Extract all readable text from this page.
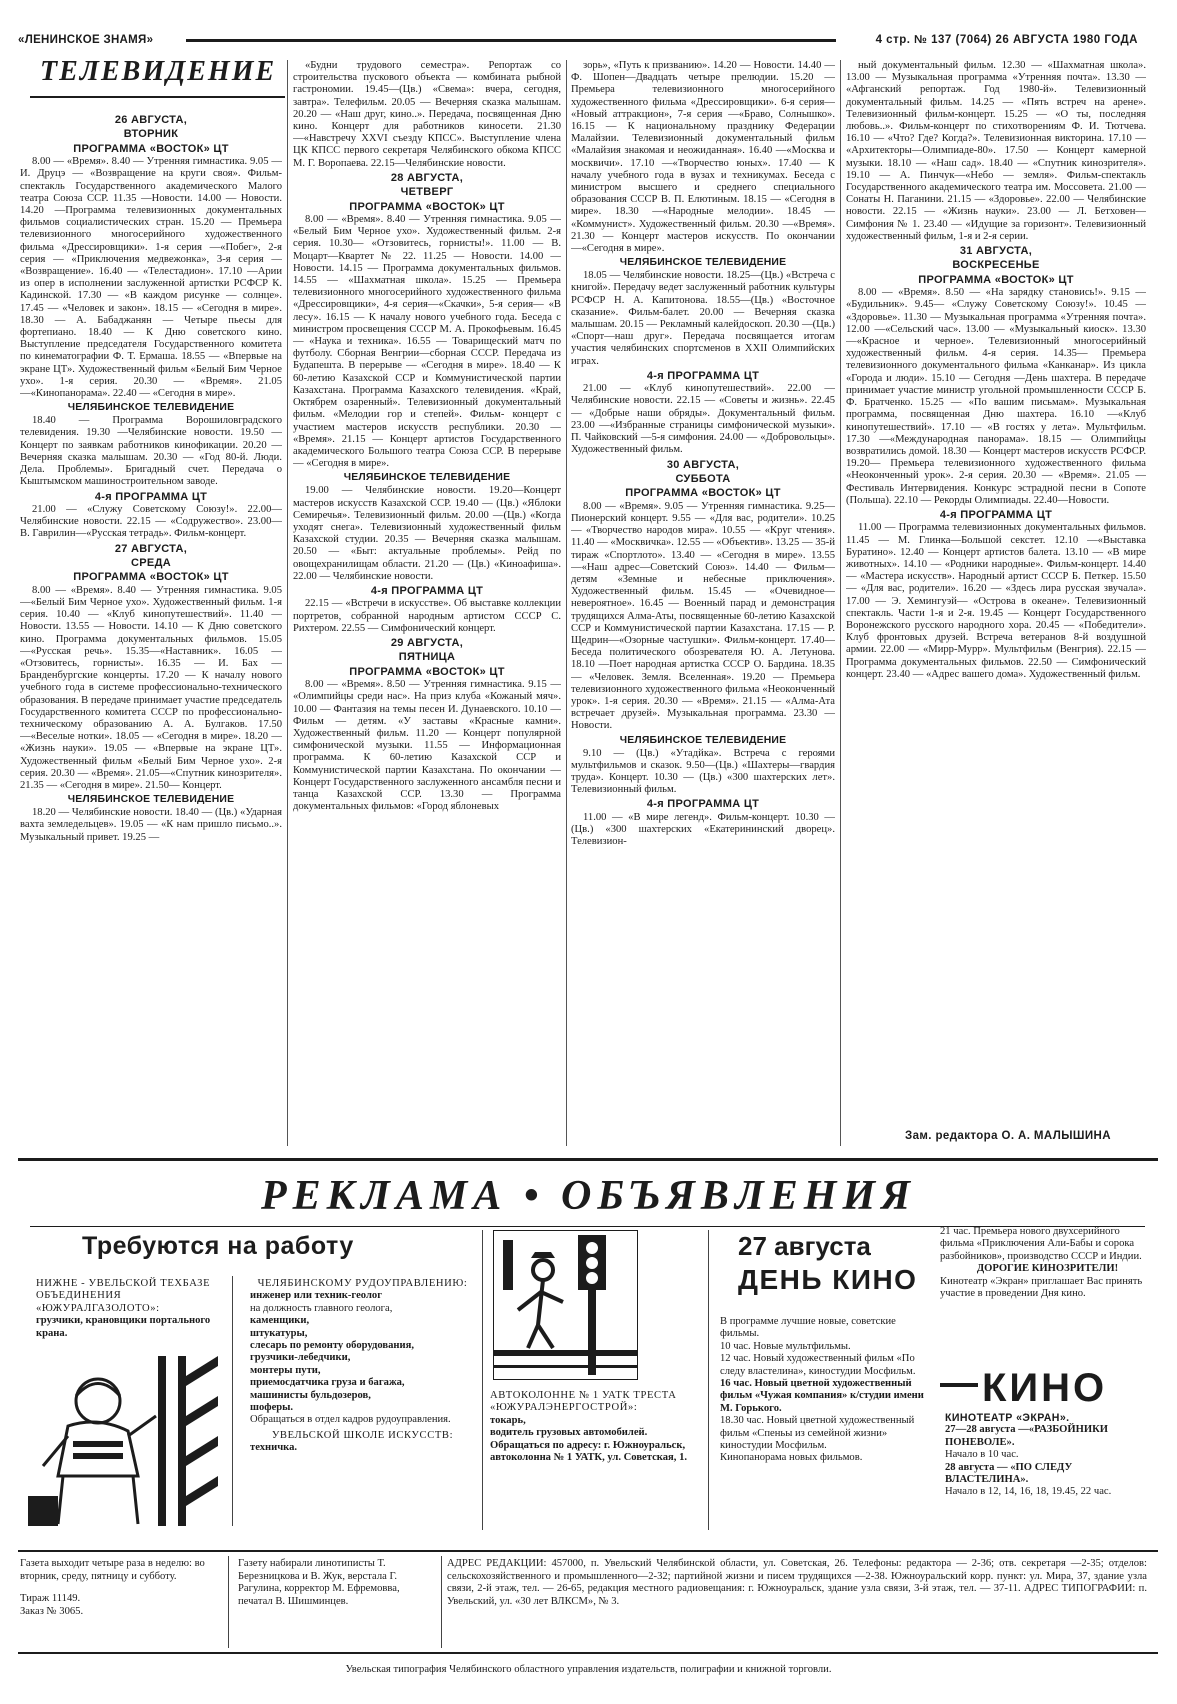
«ЛЕНИНСКОЕ ЗНАМЯ»	4 стр. № 137 (7064) 26 АВГУСТА 1980 ГОДА
ТЕЛЕВИДЕНИЕ
26 АВГУСТА,
ВТОРНИК
ПРОГРАММА «ВОСТОК» ЦТ

8.00 — «Время». 8.40 — Утренняя гимнастика. 9.05 — И. Друцэ — «Возвращение на круги своя». Фильм-спектакль Государственного академического Малого театра Союза ССР. 11.35 —Новости. 14.00 — Новости. 14.20 —Программа телевизионных документальных фильмов социалистических стран. 15.20 — Премьера телевизионного многосерийного художественного фильма «Дрессировщики». 1-я серия —«Побег», 2-я серия — «Приключения медвежонка», 3-я серия — «Возвращение». 16.40 — «Телестадион». 17.10 —Арии из опер в исполнении заслуженной артистки РСФСР К. Кадинской. 17.30 — «В каждом рисунке — солнце». 17.45 — «Человек и закон». 18.15 — «Сегодня в мире». 18.30 — А. Бабаджанян — Четыре пьесы для фортепиано. 18.40 — К Дню советского кино. Выступление председателя Государственного комитета по кинематографии Ф. Т. Ермаша. 18.55 — «Впервые на экране ЦТ». Художественный фильм «Белый Бим Черное ухо». 1-я серия. 20.30 — «Время». 21.05 —«Кинопанорама». 22.40 — «Сегодня в мире».

ЧЕЛЯБИНСКОЕ ТЕЛЕВИДЕНИЕ

18.40 — Программа Ворошиловградского телевидения. 19.30 —Челябинские новости. 19.50 — Концерт по заявкам работников кинофикации. 20.20 — Вечерняя сказка малышам. 20.30 — «Год 80-й. Люди. Дела. Проблемы». Бригадный счет. Передача о Кыштымском машиностроительном заводе.

4-я ПРОГРАММА ЦТ

21.00 — «Служу Советскому Союзу!». 22.00—Челябинские новости. 22.15 — «Содружество». 23.00—В. Гаврилин—«Русская тетрадь». Фильм-концерт.

27 АВГУСТА,
СРЕДА
ПРОГРАММА «ВОСТОК» ЦТ

8.00 — «Время». 8.40 — Утренняя гимнастика. 9.05 —«Белый Бим Черное ухо». Художественный фильм. 1-я серия. 10.40 — «Клуб кинопутешествий». 11.40 — Новости. 13.55 — Новости. 14.10 — К Дню советского кино. Программа документальных фильмов. 15.05 —«Русская речь». 15.35—«Наставник». 16.05 — «Отзовитесь, горнисты». 16.35 — И. Бах — Бранденбургские концерты. 17.20 — К началу нового учебного года в системе профессионально-технического образования. В передаче принимает участие председатель Государственного комитета СССР по профессионально-техническому образованию А. А. Булгаков. 17.50—«Веселые нотки». 18.05 — «Сегодня в мире». 18.20 — «Жизнь науки». 19.05 — «Впервые на экране ЦТ». Художественный фильм «Белый Бим Черное ухо». 2-я серия. 20.30 — «Время». 21.05—«Спутник кинозрителя». 21.35 — «Сегодня в мире». 21.50— Концерт.

ЧЕЛЯБИНСКОЕ ТЕЛЕВИДЕНИЕ

18.20 — Челябинские новости. 18.40 — (Цв.) «Ударная вахта земледельцев». 19.05 — «К нам пришло письмо..». Музыкальный привет. 19.25 —

«Будни трудового семестра». Репортаж со строительства пускового объекта — комбината рыбной гастрономии. 19.45—(Цв.) «Свема»: вчера, сегодня, завтра». Телефильм. 20.05 — Вечерняя сказка малышам. 20.20 — «Наш друг, кино..». Передача, посвященная Дню кино. Концерт для работников киносети. 21.30—«Навстречу XXVI съезду КПСС». Выступление члена ЦК КПСС первого секретаря Челябинского обкома КПСС М. Г. Воропаева. 22.15—Челябинские новости.

28 АВГУСТА,
ЧЕТВЕРГ
ПРОГРАММА «ВОСТОК» ЦТ

8.00 — «Время». 8.40 — Утренняя гимнастика. 9.05 — «Белый Бим Черное ухо». Художественный фильм. 2-я серия. 10.30— «Отзовитесь, горнисты!». 11.00 — В. Моцарт—Квартет № 22. 11.25 — Новости. 14.00 — Новости. 14.15 — Программа документальных фильмов. 14.55 — «Шахматная школа». 15.25 — Премьера телевизионного многосерийного художественного фильма «Дрессировщики», 4-я серия—«Скачки», 5-я серия— «В лесу». 16.15 — К началу нового учебного года. Беседа с министром просвещения СССР М. А. Прокофьевым. 16.45 — «Наука и техника». 16.55 — Товарищеский матч по футболу. Сборная Венгрии—сборная СССР. Передача из Будапешта. В перерыве — «Сегодня в мире». 18.40 — К 60-летию Казахской ССР и Коммунистической партии Казахстана. Программа Казахского телевидения. «Край, Октябрем озаренный». Телевизионный документальный фильм. «Мелодии гор и степей». Фильм- концерт с участием мастеров искусств республики. 20.30 — «Время». 21.15 — Концерт артистов Государственного академического Большого театра Союза ССР. В перерыве— «Сегодня в мире».

ЧЕЛЯБИНСКОЕ ТЕЛЕВИДЕНИЕ

19.00 — Челябинские новости. 19.20—Концерт мастеров искусств Казахской ССР. 19.40 — (Цв.) «Яблоки Семиречья». Телевизионный фильм. 20.00 —(Цв.) «Когда уходят снега». Телевизионный художественный фильм Казахской студии. 20.35 — Вечерняя сказка малышам. 20.50 — «Быт: актуальные проблемы». Рейд по овощехранилищам области. 21.20 — (Цв.) «Кинoафиша». 22.00 — Челябинские новости.

4-я ПРОГРАММА ЦТ

22.15 — «Встречи в искусстве». Об выставке коллекции портретов, собранной народным артистом СССР С. Рихтером. 22.55 — Симфонический концерт.

29 АВГУСТА,
ПЯТНИЦА
ПРОГРАММА «ВОСТОК» ЦТ

8.00 — «Время». 8.50 — Утренняя гимнастика. 9.15 — «Олимпийцы среди нас». На приз клуба «Кожаный мяч». 10.00 — Фантазия на темы песен И. Дунаевского. 10.10 — Фильм — детям. «У заставы «Красные камни». Художественный фильм. 11.20 — Концерт популярной симфонической музыки. 11.55 — Информационная программа. К 60-летию Казахской ССР и Коммунистической партии Казахстана. По окончании — Концерт Государственного заслуженного ансамбля песни и танца Казахской ССР. 13.30 — Программа документальных фильмов: «Город яблоневых

зорь», «Путь к призванию». 14.20 — Новости. 14.40 — Ф. Шопен—Двадцать четыре прелюдии. 15.20 — Премьера телевизионного многосерийного художественного фильма «Дрессировщики». 6-я серия— «Новый аттракцион», 7-я серия —«Браво, Солнышко». 16.15 — К национальному празднику Федерации Малайзии. Телевизионный документальный фильм «Малайзия знакомая и неожиданная». 16.40 —«Москва и москвичи». 17.10 —«Творчество юных». 17.40 — К началу учебного года в вузах и техникумах. Беседа с министром высшего и среднего специального образования СССР В. П. Елютиным. 18.15 — «Сегодня в мире». 18.30 —«Народные мелодии». 18.45 — «Коммунист». Художественный фильм. 20.30 —«Время». 21.30 — Концерт мастеров искусств. По окончании —«Сегодня в мире».

ЧЕЛЯБИНСКОЕ ТЕЛЕВИДЕНИЕ

18.05 — Челябинские новости. 18.25—(Цв.) «Встреча с книгой». Передачу ведет заслуженный работник культуры РСФСР Н. А. Капитонова. 18.55—(Цв.) «Восточное сказание». Фильм-балет. 20.00 — Вечерняя сказка малышам. 20.15 — Рекламный калейдоскоп. 20.30 —(Цв.) «Спорт—наш друг». Передача посвящается итогам участия челябинских спортсменов в XXII Олимпийских играх.

4-я ПРОГРАММА ЦТ

21.00 — «Клуб кинопутешествий». 22.00 — Челябинские новости. 22.15 — «Советы и жизнь». 22.45 — «Добрые наши обряды». Документальный фильм. 23.00 —«Избранные страницы симфонической музыки». П. Чайковский —5-я симфония. 24.00 — «Добровольцы». Художественный фильм.

30 АВГУСТА,
СУББОТА
ПРОГРАММА «ВОСТОК» ЦТ

8.00 — «Время». 9.05 — Утренняя гимнастика. 9.25— Пионерский концерт. 9.55 — «Для вас, родители». 10.25 — «Творчество народов мира». 10.55 — «Круг чтения». 11.40 — «Москвичка». 12.55 — «Объектив». 13.25 — 35-й тираж «Спортлото». 13.40 — «Сегодня в мире». 13.55 —«Наш адрес—Советский Союз». 14.40 — Фильм—детям «Земные и небесные приключения». Художественный фильм. 15.45 — «Очевидное—невероятное». 16.45 — Военный парад и демонстрация трудящихся Алма-Аты, посвященные 60-летию Казахской ССР и Коммунистической партии Казахстана. 17.15 — Р. Щедрин—«Озорные частушки». Фильм-концерт. 17.40—Беседа политического обозревателя Ю. А. Летунова. 18.10 —Поет народная артистка СССР О. Бардина. 18.35 — «Человек. Земля. Вселенная». 19.20 — Премьера телевизионного художественного фильма «Неоконченный урок». 1-я серия. 20.30 — «Время». 21.15 — «Алма-Ата встречает друзей». Музыкальная программа. 23.30 — Новости.

ЧЕЛЯБИНСКОЕ ТЕЛЕВИДЕНИЕ

9.10 — (Цв.) «Утадйка». Встреча с героями мультфильмов и сказок. 9.50—(Цв.) «Шахтеры—гвардия труда». Концерт. 10.30 — (Цв.) «300 шахтерских лет». Телевизионный фильм.

4-я ПРОГРАММА ЦТ

11.00 — «В мире легенд». Фильм-концерт. 10.30 — (Цв.) «300 шахтерских «Екатерининский дворец». Телевизион-

ный документальный фильм. 12.30 — «Шахматная школа». 13.00 — Музыкальная программа «Утренняя почта». 13.30 — «Афганский репортаж. Год 1980-й». Телевизионный документальный фильм. 14.25 — «Пять встреч на арене». Телевизионный фильм-концерт. 15.25 — «О ты, последняя любовь..». Фильм-концерт по стихотворениям Ф. И. Тютчева. 16.10 — «Что? Где? Когда?». Телевизионная викторина. 17.10 — «Архитекторы—Олимпиаде-80». 17.50 — Концерт камерной музыки. 18.10 — «Наш сад». 18.40 — «Спутник кинозрителя». 19.10 — А. Пинчук—«Небо — земля». Фильм-спектакль Государственного академического театра им. Моссовета. 21.00 — Сонаты Н. Паганини. 21.15 — «Здоровье». 22.00 — Челябинские новости. 22.15 — «Жизнь науки». 23.00 — Л. Бетховен—Симфония № 1. 23.40 — «Идущие за горизонт». Телевизионный художественный фильм, 1-я и 2-я серии.

31 АВГУСТА,
ВОСКРЕСЕНЬЕ
ПРОГРАММА «ВОСТОК» ЦТ

8.00 — «Время». 8.50 — «На зарядку становись!». 9.15 — «Будильник». 9.45— «Служу Советскому Союзу!». 10.45 — «Здоровье». 11.30 — Музыкальная программа «Утренняя почта». 12.00 —«Сельский час». 13.00 — «Музыкальный киоск». 13.30 —«Красное и черное». Телевизионный многосерийный художественный фильм. 4-я серия. 14.35— Премьера телевизионного документального фильма «Канканар». Из цикла «Города и люди». 15.10 — Сегодня —День шахтера. В передаче принимает участие министр угольной промышленности СССР Б. Ф. Братченко. 15.25 — «По вашим письмам». Музыкальная программа, посвященная Дню шахтера. 16.10 —«Клуб кинопутешествий». 17.10 — «В гостях у лета». Мультфильм. 17.30 —«Международная панорама». 18.15 — Олимпийцы возвратились домой. 18.30 — Концерт мастеров искусств РСФСР. 19.20— Премьера телевизионного художественного фильма «Неоконченный урок». 2-я серия. 20.30 — «Время». 21.05 — Фестиваль Интервидения. Конкурс эстрадной песни в Сопоте (Польша). 22.10 — Рекорды Олимпиады. 22.40—Новости.

4-я ПРОГРАММА ЦТ

11.00 — Программа телевизионных документальных фильмов. 11.45 — М. Глинка—Большой секстет. 12.10 —«Выставка Буратино». 12.40 — Концерт артистов балета. 13.10 — «В мире животных». 14.10 — «Родники народные». Фильм-концерт. 14.40 — «Мастера искусств». Народный артист СССР Б. Петкер. 15.50 — «Для вас, родители». 16.20 — «Здесь лира русская звучала». 17.00 — Э. Хемингуэй— «Острова в океане». Телевизионный спектакль. Части 1-я и 2-я. 19.45 — Концерт Государственного Воронежского русского народного хора. 20.45 — «Победители». Клуб фронтовых друзей. Встреча ветеранов 8-й воздушной армии. 22.00 — «Мирр-Мурр». Мультфильм (Венгрия). 22.15 — Программа документальных фильмов. 22.50 — Симфонический концерт. 23.40 — «Адрес вашего дома». Художественный фильм.

Зам. редактора О. А. МАЛЫШИНА
РЕКЛАМА • ОБЪЯВЛЕНИЯ
Требуются на работу
НИЖНЕ - УВЕЛЬСКОЙ ТЕХБАЗЕ ОБЪЕДИНЕНИЯ «ЮЖУРАЛГАЗОЛОТО»:
грузчики, крановщики портального крана.
ЧЕЛЯБИНСКОМУ РУДОУПРАВЛЕНИЮ:
инженер или техник-геолог
на должность главного геолога,
каменщики,
штукатуры,
слесарь по ремонту оборудования,
грузчики-лебедчики,
монтеры пути,
приемосдатчика груза и багажа,
машинисты бульдозеров,
шоферы.
Обращаться в отдел кадров рудоуправления.
УВЕЛЬСКОЙ ШКОЛЕ ИСКУССТВ:
техничка.
АВТОКОЛОННЕ № 1 УАТК ТРЕСТА «ЮЖУРАЛЭНЕРГОСТРОЙ»:
токарь,
водитель грузовых автомобилей.
Обращаться по адресу: г. Южноуральск, автоколонна № 1 УАТК, ул. Советская, 1.
27 августа
ДЕНЬ КИНО
В программе лучшие новые, советские фильмы.
10 час. Новые мультфильмы.
12 час. Новый художественный фильм «По следу властелина», киностудии Мосфильм.
16 час. Новый цветной художественный фильм «Чужая компания» к/студии имени М. Горького.
18.30 час. Новый цветной художественный фильм «Спеньы из семейной жизни» киностудии Мосфильм.
Кинопанорама новых фильмов.
21 час. Премьера нового двухсерийного фильма «Приключения Али-Бабы и сорока разбойников», производство СССР и Индии.
ДОРОГИЕ КИНОЗРИТЕЛИ!
Кинотеатр «Экран» приглашает Вас принять участие в проведении Дня кино.
КИНО
КИНОТЕАТР «ЭКРАН».
27—28 августа —«РАЗБОЙНИКИ ПОНЕВОЛЕ».
Начало в 10 час.
28 августа — «ПО СЛЕДУ ВЛАСТЕЛИНА».
Начало в 12, 14, 16, 18, 19.45, 22 час.
Газета выходит четыре раза в неделю: во вторник, среду, пятницу и субботу.
Тираж 11149.
Заказ № 3065.
Газету набирали линотиписты Т. Березницкова и В. Жук, верстала Г. Рагулина, корректор М. Ефремовва, печатал В. Шишминцев.
АДРЕС РЕДАКЦИИ: 457000, п. Увельский Челябинской области, ул. Советская, 26. Телефоны: редактора — 2-36; отв. секретаря —2-35; отделов: сельскохозяйственного и промышленного—2-32; партийной жизни и писем трудящихся —2-38. Южноуральский корр. пункт: ул. Мира, 37, здание узла связи, 2-й этаж, тел. — 26-65, редакция местного радиовещания: г. Южноуральск, здание узла связи, 3-й этаж, тел. — 37-11. АДРЕС ТИПОГРАФИИ: п. Увельский, ул. «30 лет ВЛКСМ», № 3.
Увельская типография Челябинского областного управления издательств, полиграфии и книжной торговли.
